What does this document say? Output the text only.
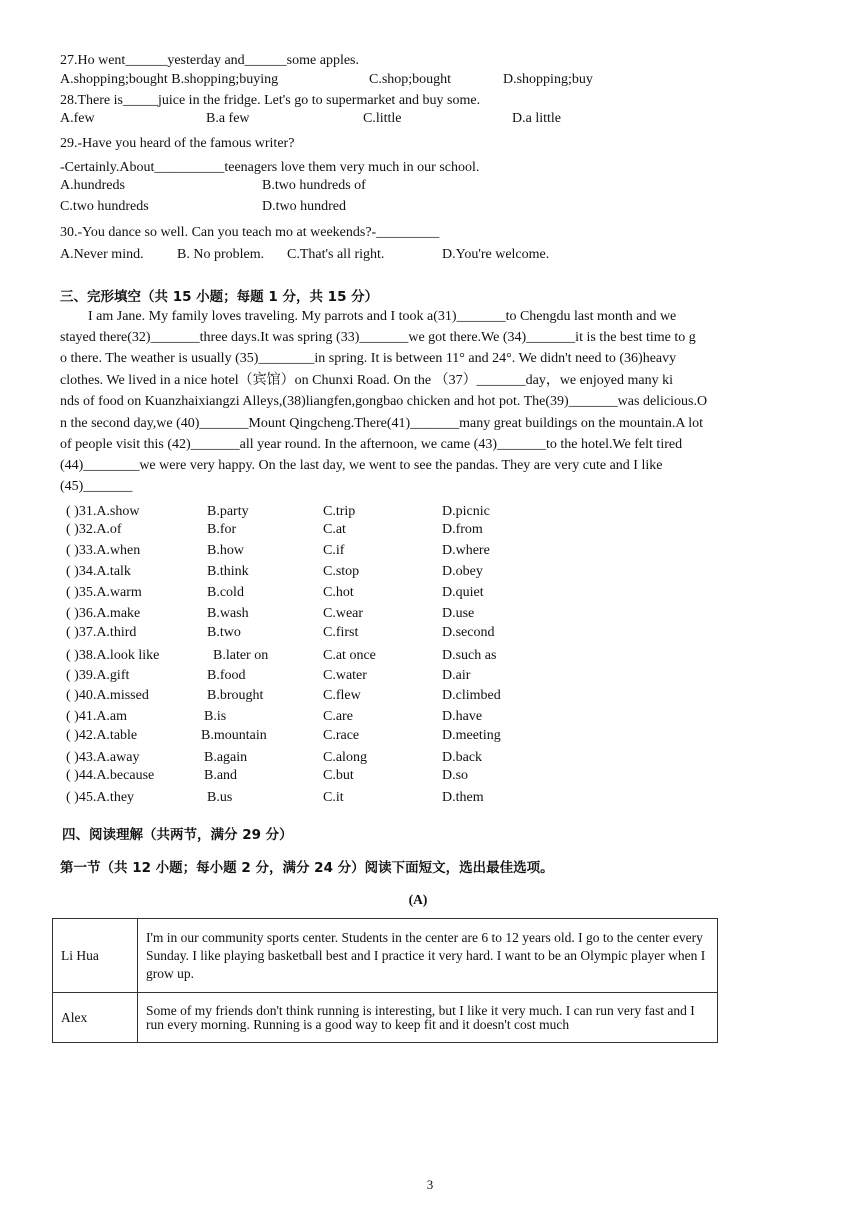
27.Ho went______yesterday and______some apples.
A.shopping;bought B.shopping;buying	C.shop;bought	D.shopping;buy
28.There is_____juice in the fridge. Let's go to supermarket and buy some.
A.few	B.a few	C.little	D.a little
29.-Have you heard of the famous writer?
-Certainly.About__________teenagers love them very much in our school.
A.hundreds	B.two hundreds of
C.two hundreds	D.two hundred
30.-You dance so well. Can you teach mo at weekends?-_________
A.Never mind. B. No problem. C.That's all right.	D.You're welcome.
三、完形填空（共 15 小题；每题 1 分，共 15 分）
I am Jane. My family loves traveling. My parrots and I took a(31)_______to Chengdu last month and we
stayed there(32)_______three days.It was spring (33)_______we got there.We (34)_______it is the best time to g
o there. The weather is usually (35)________in spring. It is between 11° and 24°. We didn't need to (36)heavy
clothes. We lived in a nice hotel（宾馆）on Chunxi Road. On the （37）_______day，we enjoyed many ki
nds of food on Kuanzhaixiangzi Alleys,(38)liangfen,gongbao chicken and hot pot. The(39)_______was delicious.O
n the second day,we (40)_______Mount Qingcheng.There(41)_______many great buildings on the mountain.A lot
of people visit this (42)_______all year round. In the afternoon, we came (43)_______to the hotel.We felt tired
(44)________we were very happy. On the last day, we went to see the pandas. They are very cute and I like
(45)_______
( )31.A.show	B.party	C.trip	D.picnic
( )32.A.of	B.for	C.at	D.from
( )33.A.when	B.how	C.if	D.where
( )34.A.talk	B.think	C.stop	D.obey
( )35.A.warm	B.cold	C.hot	D.quiet
( )36.A.make	B.wash	C.wear	D.use
( )37.A.third	B.two	C.first	D.second
( )38.A.look like	B.later on	C.at once	D.such as
( )39.A.gift	B.food	C.water	D.air
( )40.A.missed	B.brought	C.flew	D.climbed
( )41.A.am	B.is	C.are	D.have
( )42.A.table	B.mountain	C.race	D.meeting
( )43.A.away	B.again	C.along	D.back
( )44.A.because	B.and	C.but	D.so
( )45.A.they	B.us	C.it	D.them
四、阅读理解（共两节，满分 29 分）
第一节（共 12 小题；每小题 2 分，满分 24 分）阅读下面短文，选出最佳选项。
(A)
Li Hua	I'm in our community sports center. Students in the center are 6 to 12 years old. I go to the center every Sunday. I like playing basketball best and I practice it very hard. I want to be an Olympic player when I grow up.
Alex	Some of my friends don't think running is interesting, but I like it very much. I can run very fast and I run every morning. Running is a good way to keep fit and it doesn't cost much
3
